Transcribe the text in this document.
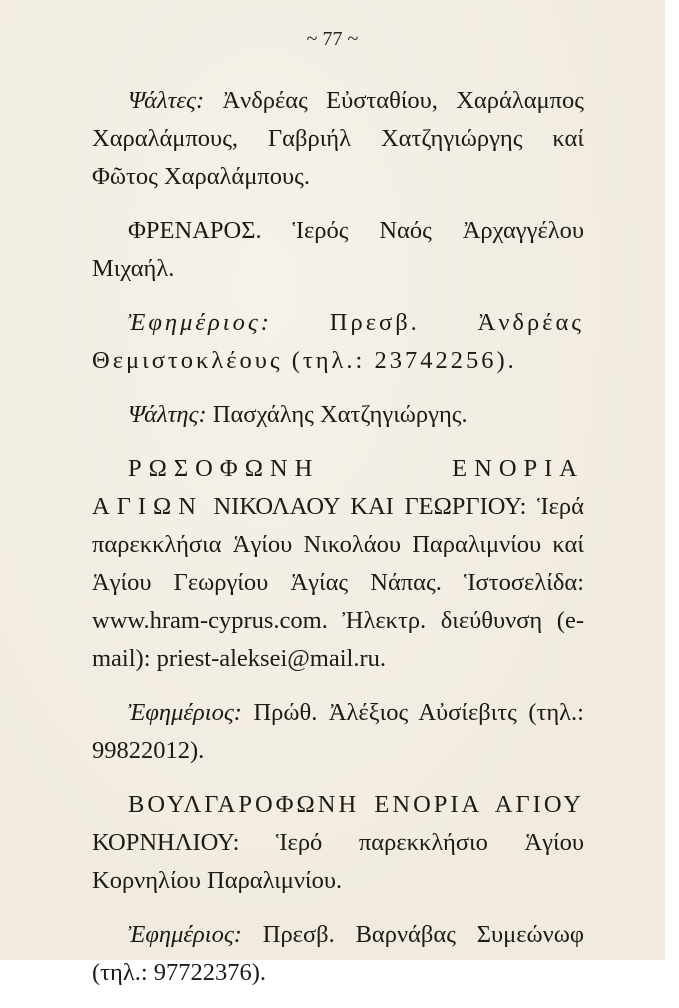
~ 77 ~

Ψάλτες: Ἀνδρέας Εὐσταθίου, Χαράλαμπος Χαραλάμπους, Γαβριήλ Χατζηγιώργης καί Φῶτος Χαραλάμπους.

ΦΡΕΝΑΡΟΣ. Ἱερός Ναός Ἀρχαγγέλου Μιχαήλ.

Ἐφημέριος: Πρεσβ. Ἀνδρέας Θεμιστοκλέους (τηλ.: 23742256).

Ψάλτης: Πασχάλης Χατζηγιώργης.

ΡΩΣΟΦΩΝΗ ΕΝΟΡΙΑ ΑΓΙΩΝ ΝΙΚΟΛΑΟΥ ΚΑΙ ΓΕΩΡΓΙΟΥ: Ἱερά παρεκκλήσια Ἁγίου Νικολάου Παραλιμνίου καί Ἁγίου Γεωργίου Ἁγίας Νάπας. Ἱστοσελίδα: www.hram-cyprus.com. Ἠλεκτρ. διεύθυνση (e-mail): priest-aleksei@mail.ru.

Ἐφημέριος: Πρώθ. Ἀλέξιος Αὐσίεβιτς (τηλ.: 99822012).

ΒΟΥΛΓΑΡΟΦΩΝΗ ΕΝΟΡΙΑ ΑΓΙΟΥ ΚΟΡΝΗΛΙΟΥ: Ἱερό παρεκκλήσιο Ἁγίου Κορνηλίου Παραλιμνίου.

Ἐφημέριος: Πρεσβ. Βαρνάβας Συμεώνωφ (τηλ.: 97722376).
